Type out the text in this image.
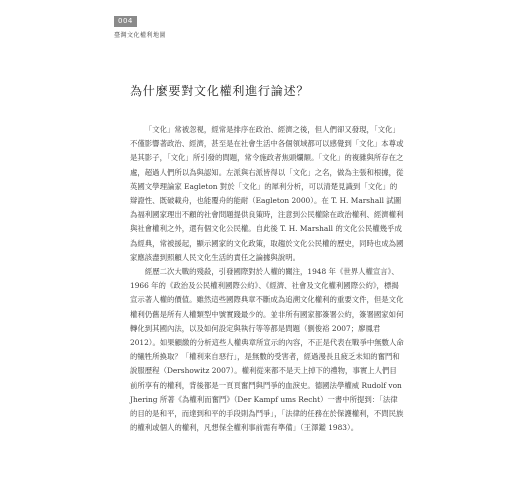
004
臺灣文化權利地圖
為什麼要對文化權利進行論述？

「文化」常被忽視，經常是排序在政治、經濟之後，但人們卻又發現，「文化」不僅影響著政治、經濟，甚至是在社會生活中各個領域都可以感覺到「文化」本尊或是其影子，「文化」所引發的問題，常令施政者焦頭爛額。「文化」的複雜與所存在之處，超過人們所以為與認知。左派與右派皆得以「文化」之名，做為主張和根據，從英國文學理論家 Eagleton 對於「文化」的犀利分析，可以清楚見識到「文化」的辯證性、既破載舟，也能覆舟的能耐（Eagleton 2000）。在 T. H. Marshall 試圖為福利國家理出不顧的社會問題提供良策時，注意到公民權除在政治權利、經濟權利與社會權利之外，還有個文化公民權。自此後 T. H. Marshall 的文化公民權幾乎成為經典，常被援起，顯示國家的文化政策，取趨於文化公民權的歷史，同時也成為國家應該盡到照顧人民文化生活的責任之論據與說明。

經歷二次大戰的殘殺，引發國際對於人權的關注，1948 年《世界人權宣言》、1966 年的《政治及公民權利國際公約》、《經濟、社會及文化權利國際公約》，標揭宣示著人權的價值。雖然這些國際典章不斷成為追溯文化權利的重要文件，但是文化權利仍舊是所有人權類型中號實踐最少的。並非所有國家都簽署公約，簽署國家如何轉化到其國內法，以及如何設定與執行等等都是問題（劉俊裕 2007；廖鳳君 2012）。如果顧繳的分析這些人權典章所宣示的內容，不正是代表在戰爭中無數人命的犧牲所換取？「權利來自惡行」，是無數的受害者，經過漫長且疲乏未知的奮鬥和說服歷程（Dershowitz 2007）。權利從來都不是天上掉下的禮物，事實上人們目前所享有的權利，背後都是一頁頁奮鬥與鬥爭的血淚史。德國法學權威 Rudolf von Jhering 所著《為權利而奮鬥》（Der Kampf ums Recht）一書中所提到：「法律的目的是和平，而達到和平的手段則為鬥爭」，「法律的任務在於保護權利，不問民族的權利或個人的權利，凡想保全權利事前需有準備」（王澤鑑 1983）。
